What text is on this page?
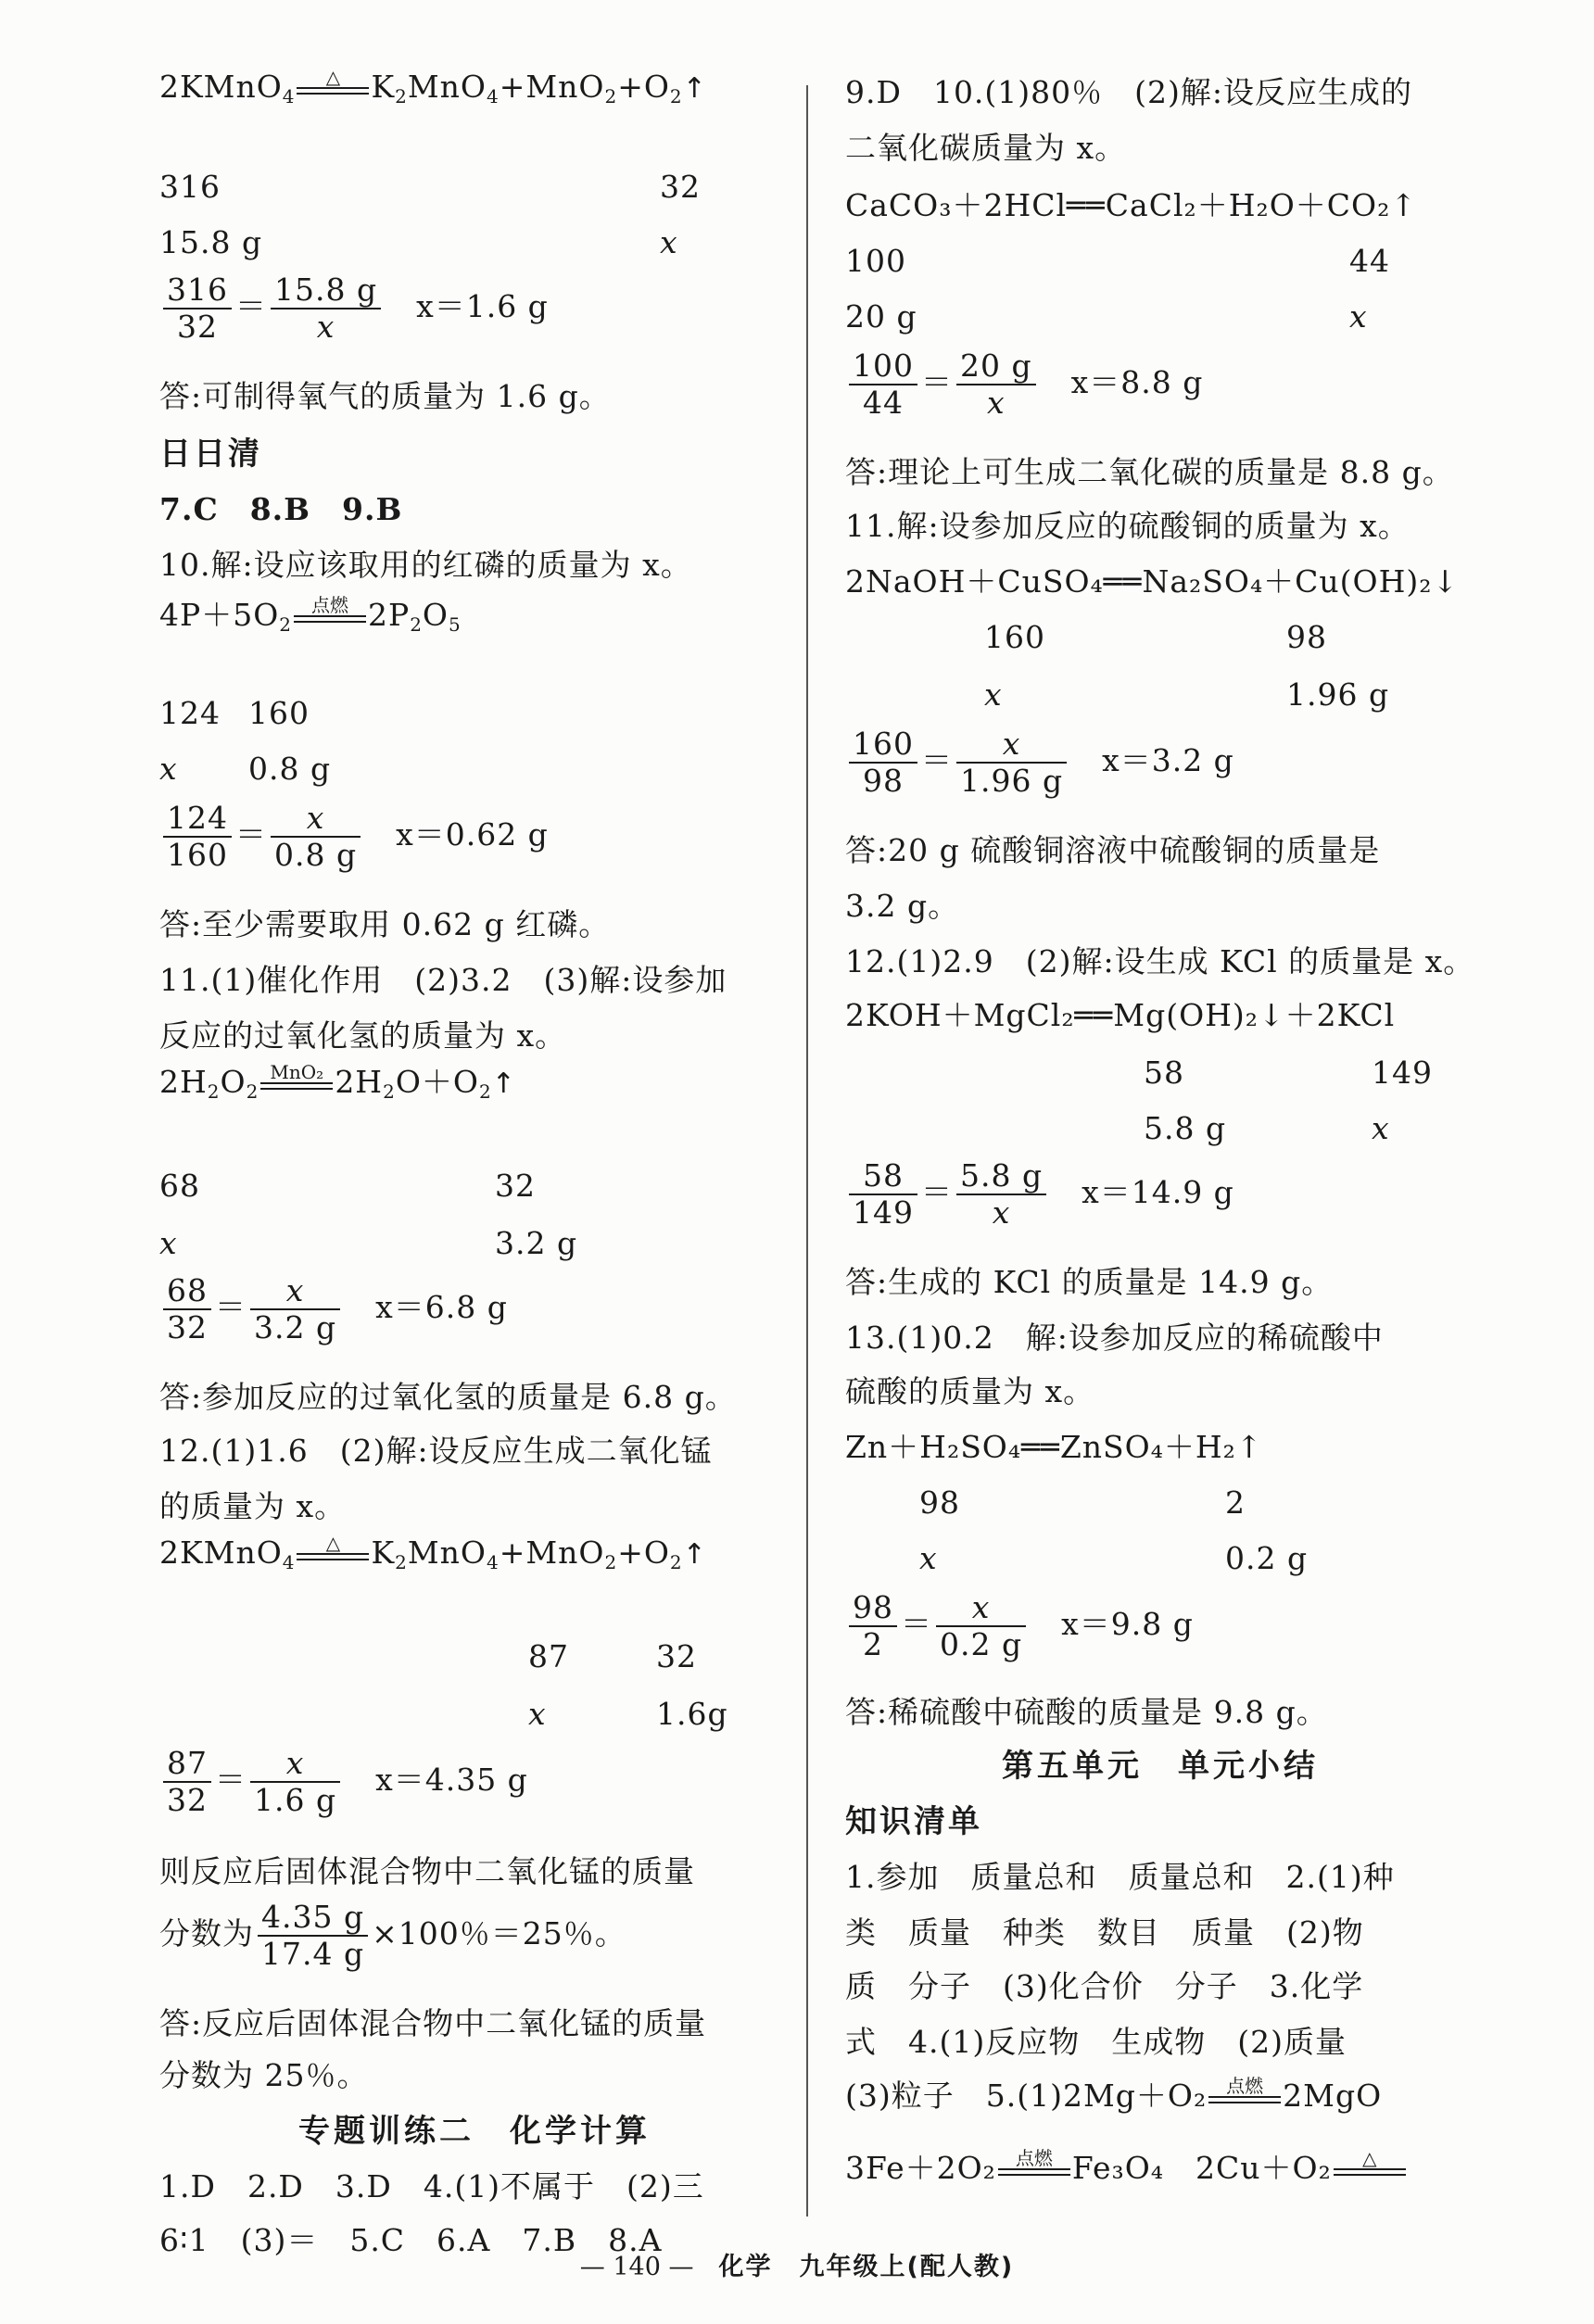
2KMnO$_4$
△	$K_2MnO_4+MnO_2+O_2↑$
316	32
15.8 g	x
$\frac{316}{32} = \frac{15.8 g}{x}$
　 x＝1.6 g
答:可制得氧气的质量为 1.6 g。
日日清
7.C　8.B　9.B
10.解:设应该取用的红磷的质量为 x。
$4P+5O_2$
点燃 $2P_2O_5$
124 160
x 0.8 g
$\frac{124}{160} = \frac{x}{0.8 g}$
　 x＝0.62 g
答:至少需要取用 0.62 g 红磷。
11.(1)催化作用　(2)3.2　(3)解:设参加
反应的过氧化氢的质量为 x。
$2H_2O_2$
MnO₂ $2H_2O+O_2↑$
68	32
x	3.2 g
$\frac{68}{32} = \frac{x}{3.2 g}$
　 x＝6.8 g
答:参加反应的过氧化氢的质量是 6.8 g。
12.(1)1.6　(2)解:设反应生成二氧化锰
的质量为 x。
2KMnO$_4$
△	$K_2MnO_4+MnO_2+O_2↑$
87	32
x	1.6g
$\frac{87}{32} = \frac{x}{1.6 g}$
　 x＝4.35 g
则反应后固体混合物中二氧化锰的质量
分数为 $\frac{4.35 g}{17.4 g} \times 100$％＝25％。
答:反应后固体混合物中二氧化锰的质量
分数为 25％。
专题训练二　化学计算
1.D　2.D　3.D　4.(1)不属于　(2)三
6∶1　(3)＝　5.C　6.A　7.B　8.A
9.D　10.(1)80％　(2)解:设反应生成的
二氧化碳质量为 x。
CaCO₃＋2HCl══CaCl₂＋H₂O＋CO₂↑
100	44
20 g	x
$\frac{100}{44} = \frac{20 g}{x}$
　 x＝8.8 g
答:理论上可生成二氧化碳的质量是 8.8 g。
11.解:设参加反应的硫酸铜的质量为 x。
2NaOH＋CuSO₄══Na₂SO₄＋Cu(OH)₂↓
160	98
x	1.96 g
$\frac{160}{98} = \frac{x}{1.96 g}$
　 x＝3.2 g
答:20 g 硫酸铜溶液中硫酸铜的质量是
3.2 g。
12.(1)2.9　(2)解:设生成 KCl 的质量是 x。
2KOH＋MgCl₂══Mg(OH)₂↓＋2KCl
58	149
5.8 g	x
$\frac{58}{149} = \frac{5.8 g}{x}$
　 x＝14.9 g
答:生成的 KCl 的质量是 14.9 g。
13.(1)0.2　解:设参加反应的稀硫酸中
硫酸的质量为 x。
Zn＋H₂SO₄══ZnSO₄＋H₂↑
98	2
x	0.2 g
$\frac{98}{2} = \frac{x}{0.2 g}$
　 x＝9.8 g
答:稀硫酸中硫酸的质量是 9.8 g。
第五单元　单元小结
知识清单
1.参加　质量总和　质量总和　2.(1)种
类　质量　种类　数目　质量　(2)物
质　分子　(3)化合价　分子　3.化学
式　4.(1)反应物　生成物　(2)质量
(3)粒子　5.(1)2Mg＋O₂	点燃 2MgO
3Fe＋2O₂	点燃 Fe₃O₄　2Cu＋O₂	△
— 140 —　 化学　九年级上(配人教)
